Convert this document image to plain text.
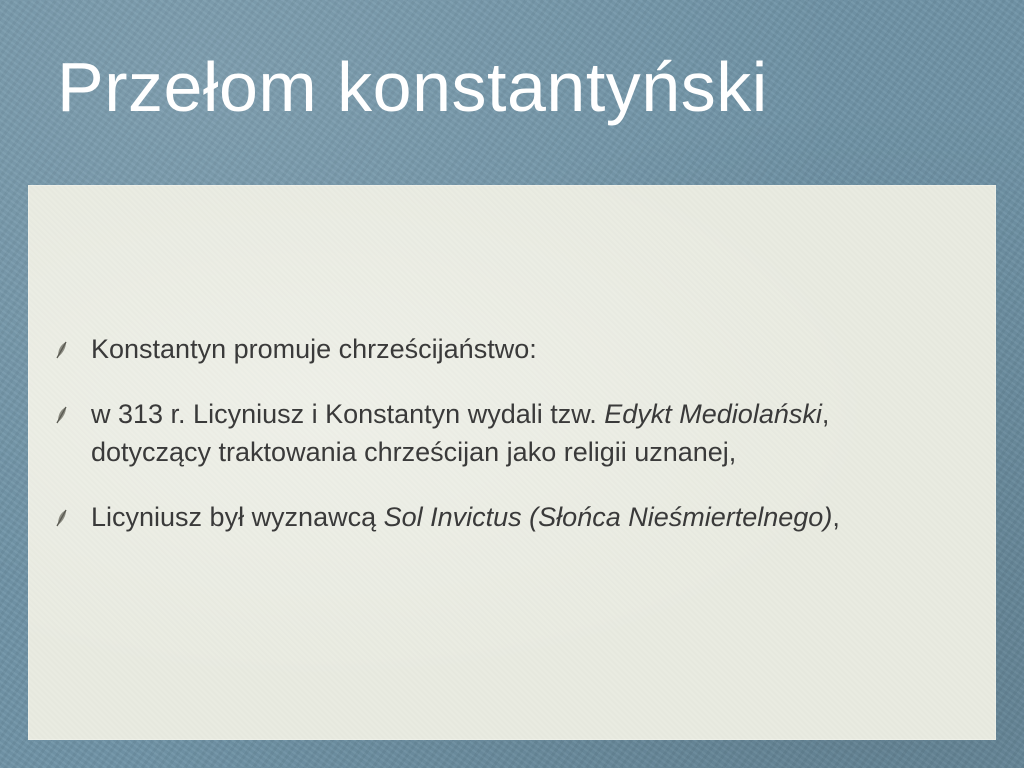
Przełom konstantyński
Konstantyn promuje chrześcijaństwo:
w 313 r. Licyniusz i Konstantyn wydali tzw. Edykt Mediolański, dotyczący traktowania chrześcijan jako religii uznanej,
Licyniusz był wyznawcą Sol Invictus (Słońca Nieśmiertelnego),
